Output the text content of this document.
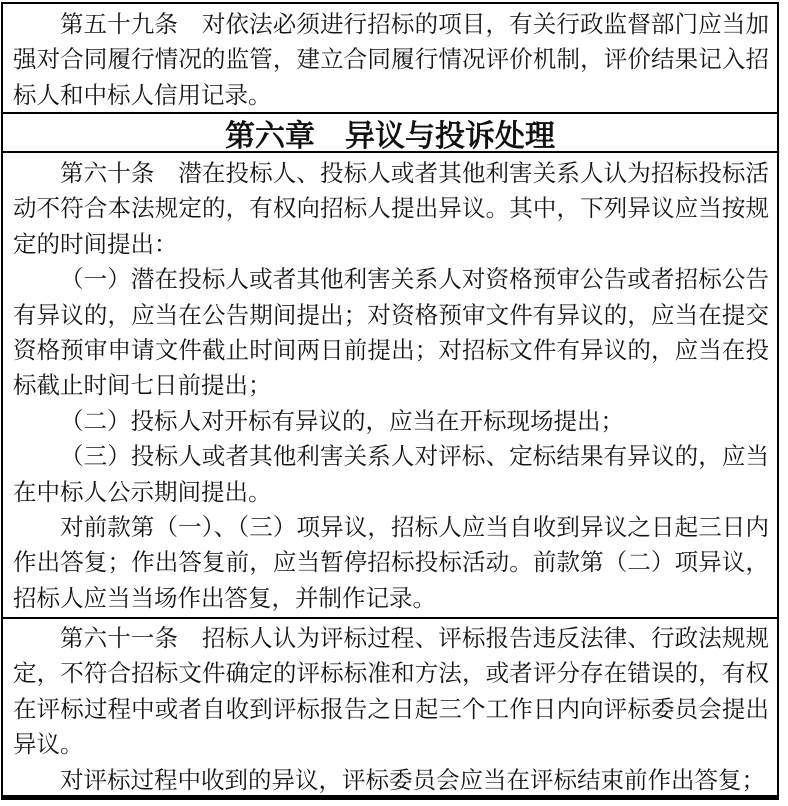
第五十九条　对依法必须进行招标的项目，有关行政监督部门应当加强对合同履行情况的监管，建立合同履行情况评价机制，评价结果记入招标人和中标人信用记录。

第六章　异议与投诉处理

第六十条　潜在投标人、投标人或者其他利害关系人认为招标投标活动不符合本法规定的，有权向招标人提出异议。其中，下列异议应当按规定的时间提出：

（一）潜在投标人或者其他利害关系人对资格预审公告或者招标公告有异议的，应当在公告期间提出；对资格预审文件有异议的，应当在提交资格预审申请文件截止时间两日前提出；对招标文件有异议的，应当在投标截止时间七日前提出；

（二）投标人对开标有异议的，应当在开标现场提出；

（三）投标人或者其他利害关系人对评标、定标结果有异议的，应当在中标人公示期间提出。

对前款第（一）、（三）项异议，招标人应当自收到异议之日起三日内作出答复；作出答复前，应当暂停招标投标活动。前款第（二）项异议，招标人应当当场作出答复，并制作记录。

第六十一条　招标人认为评标过程、评标报告违反法律、行政法规规定，不符合招标文件确定的评标标准和方法，或者评分存在错误的，有权在评标过程中或者自收到评标报告之日起三个工作日内向评标委员会提出异议。

对评标过程中收到的异议，评标委员会应当在评标结束前作出答复；
